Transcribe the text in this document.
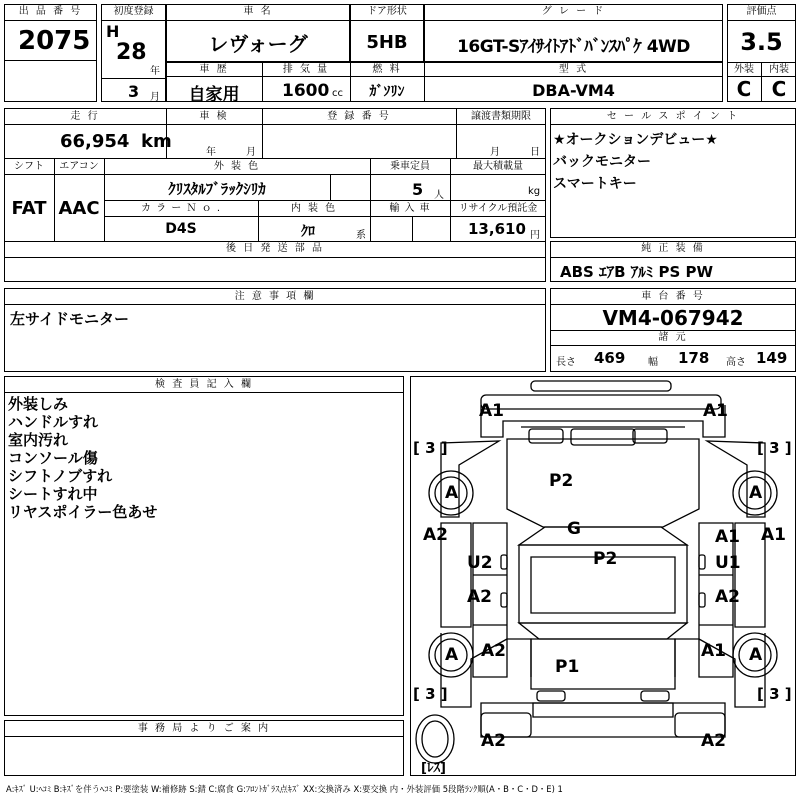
出 品 番 号
2075
初度登録
H
28
年
3 月
車 名
レヴォーグ
ドア形状
5HB
グ レ ー ド
16GT-Sｱｲｻｲﾄｱﾄﾞﾊﾞﾝｽﾊﾟｹ 4WD
評価点
3.5
外装	内装
C	C
車 歴
自家用
排 気 量
1600 cc
燃 料
ｶﾞｿﾘﾝ
型 式
DBA-VM4
走 行
66,954 km
車 検
年	月
登 録 番 号	譲渡書類期限
月	日
シフト
FAT
エアコン
AAC
外 装 色
ｸﾘｽﾀﾙﾌﾞﾗｯｸｼﾘｶ
乗車定員
5 人
最大積載量
kg
カ ラ ー Ｎ ｏ .
D4S
内 装 色
ｸﾛ	系
輸 入 車	リサイクル預託金
13,610 円
後 日 発 送 部 品
セ ー ル ス ポ イ ン ト
★オークションデビュー★
バックモニター
スマートキー
純 正 装 備
ABS ｴｱB ｱﾙﾐ PS PW
注 意 事 項 欄
左サイドモニター
車 台 番 号
VM4-067942
諸 元
長さ 469 幅 178 高さ 149
検 査 員 記 入 欄
外装しみ
ハンドルすれ
室内汚れ
コンソール傷
シフトノブすれ
シートすれ中
リヤスポイラー色あせ
事 務 局 よ り ご 案 内
A1	A1
[ 3 ]	[ 3 ]
A	A
P2
A2	A1
A1
G
P2
U2	U1
A2	A2
A2	A1
A	A
P1
[ 3 ]	[ 3 ]
A2	A2
[ﾚｽ]
A:ｷｽﾞ U:ﾍｺﾐ B:ｷｽﾞを伴うﾍｺﾐ P:要塗装 W:補修跡 S:錆 C:腐食 G:ﾌﾛﾝﾄｶﾞﾗｽ点ｷｽﾞ XX:交換済み X:要交換 内・外装評価 5段階ﾗﾝｸ順(A・B・C・D・E) 1
